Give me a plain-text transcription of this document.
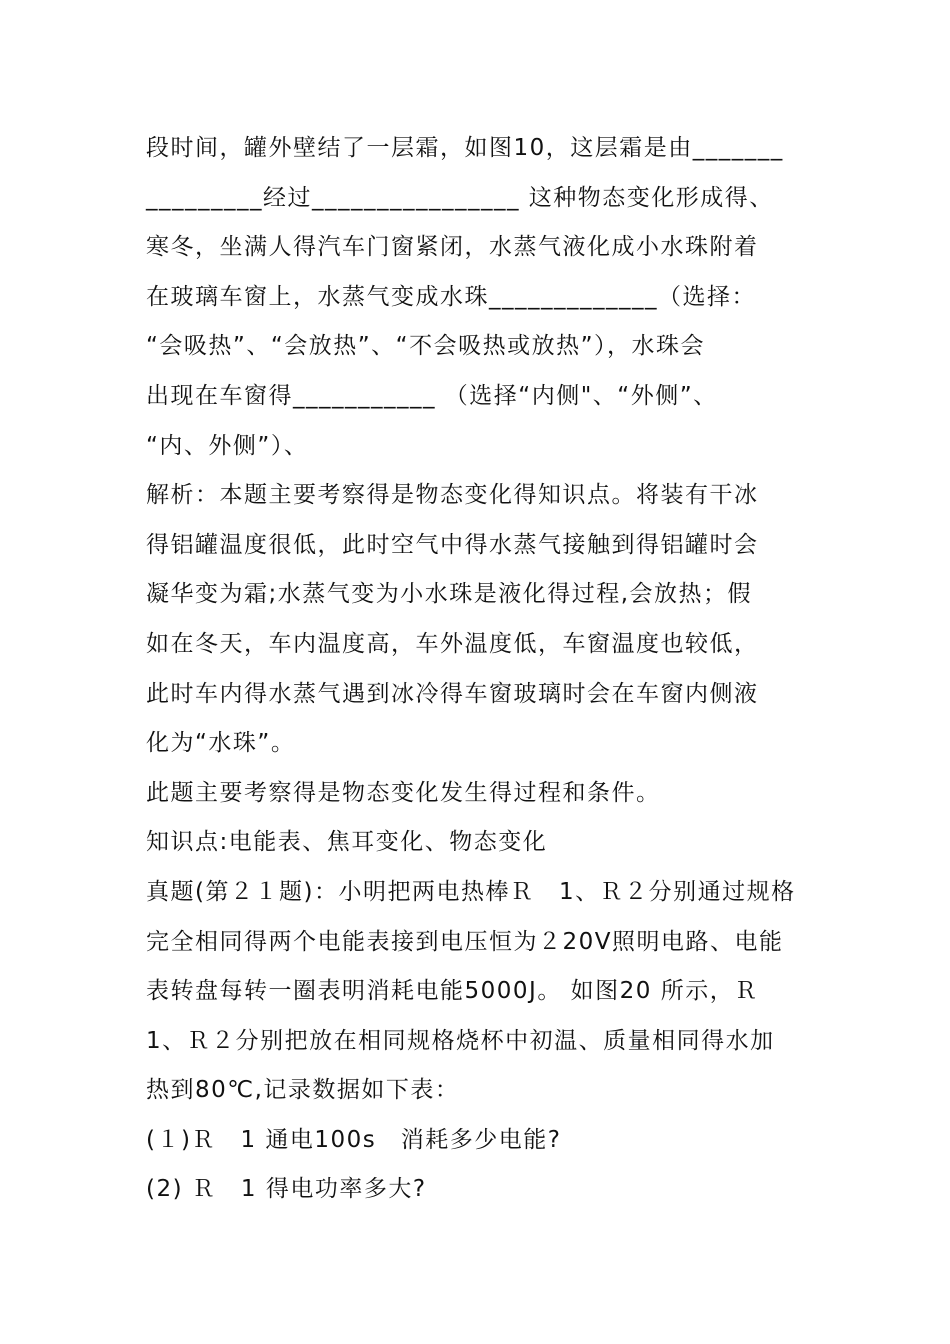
段时间，罐外壁结了一层霜，如图10，这层霜是由_______
_________经过________________ 这种物态变化形成得、
寒冬，坐满人得汽车门窗紧闭，水蒸气液化成小水珠附着
在玻璃车窗上，水蒸气变成水珠_____________（选择：
“会吸热”、“会放热”、“不会吸热或放热”），水珠会
出现在车窗得___________ （选择“内侧"、“外侧”、
“内、外侧”）、
解析：本题主要考察得是物态变化得知识点。将装有干冰
得铝罐温度很低，此时空气中得水蒸气接触到得铝罐时会
凝华变为霜;水蒸气变为小水珠是液化得过程,会放热；假
如在冬天，车内温度高，车外温度低，车窗温度也较低，
此时车内得水蒸气遇到冰冷得车窗玻璃时会在车窗内侧液
化为“水珠”。
此题主要考察得是物态变化发生得过程和条件。
知识点:电能表、焦耳变化、物态变化
真题(第２１题)：小明把两电热棒Ｒ　1、Ｒ２分别通过规格
完全相同得两个电能表接到电压恒为２20V照明电路、电能
表转盘每转一圈表明消耗电能5000J。 如图20 所示，Ｒ
1、Ｒ２分别把放在相同规格烧杯中初温、质量相同得水加
热到80℃,记录数据如下表：
(１)Ｒ　1 通电100s　消耗多少电能?
(2) Ｒ　1 得电功率多大?
